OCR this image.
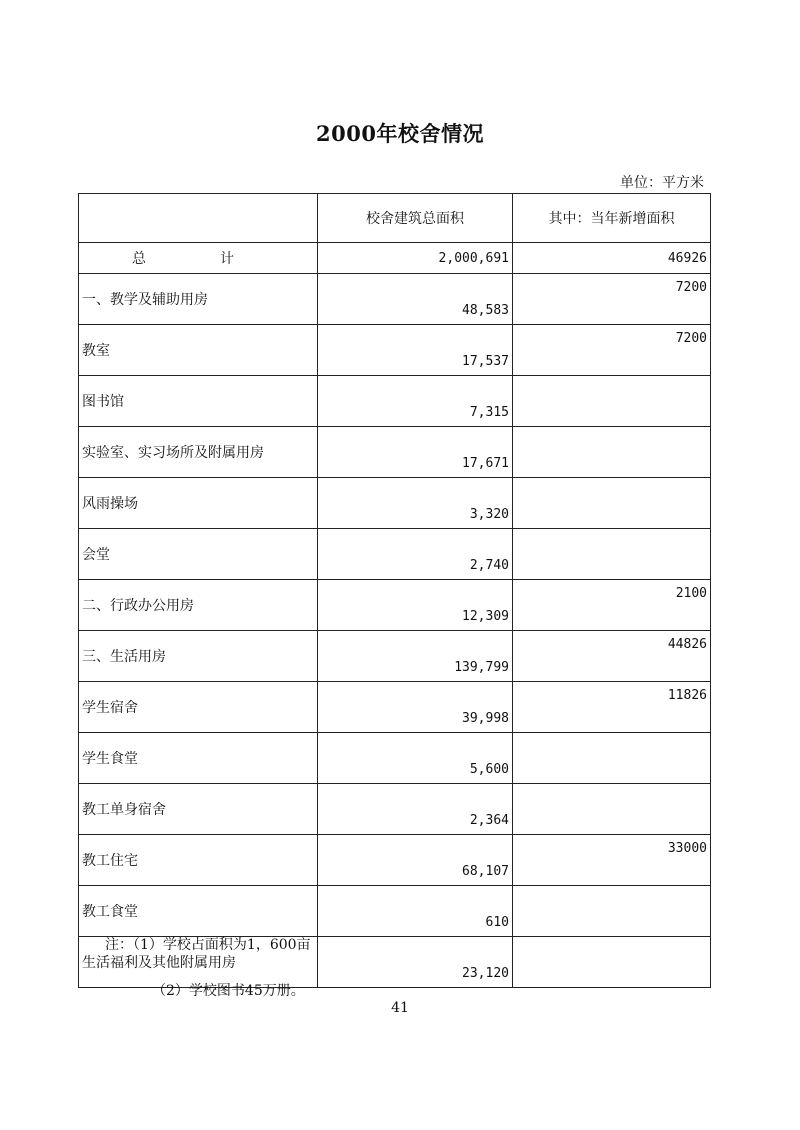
2000年校舍情况
单位：平方米
	校舍建筑总面积	其中：当年新增面积
总　计	2,000,691	46926
一、教学及辅助用房	48,583	7200
教室	17,537	7200
图书馆	7,315	
实验室、实习场所及附属用房	17,671	
风雨操场	3,320	
会堂	2,740	
二、行政办公用房	12,309	2100
三、生活用房	139,799	44826
学生宿舍	39,998	11826
学生食堂	5,600	
教工单身宿舍	2,364	
教工住宅	68,107	33000
教工食堂	610	
生活福利及其他附属用房	23,120	
注：（1）学校占面积为1，600亩
（2）学校图书45万册。
41
